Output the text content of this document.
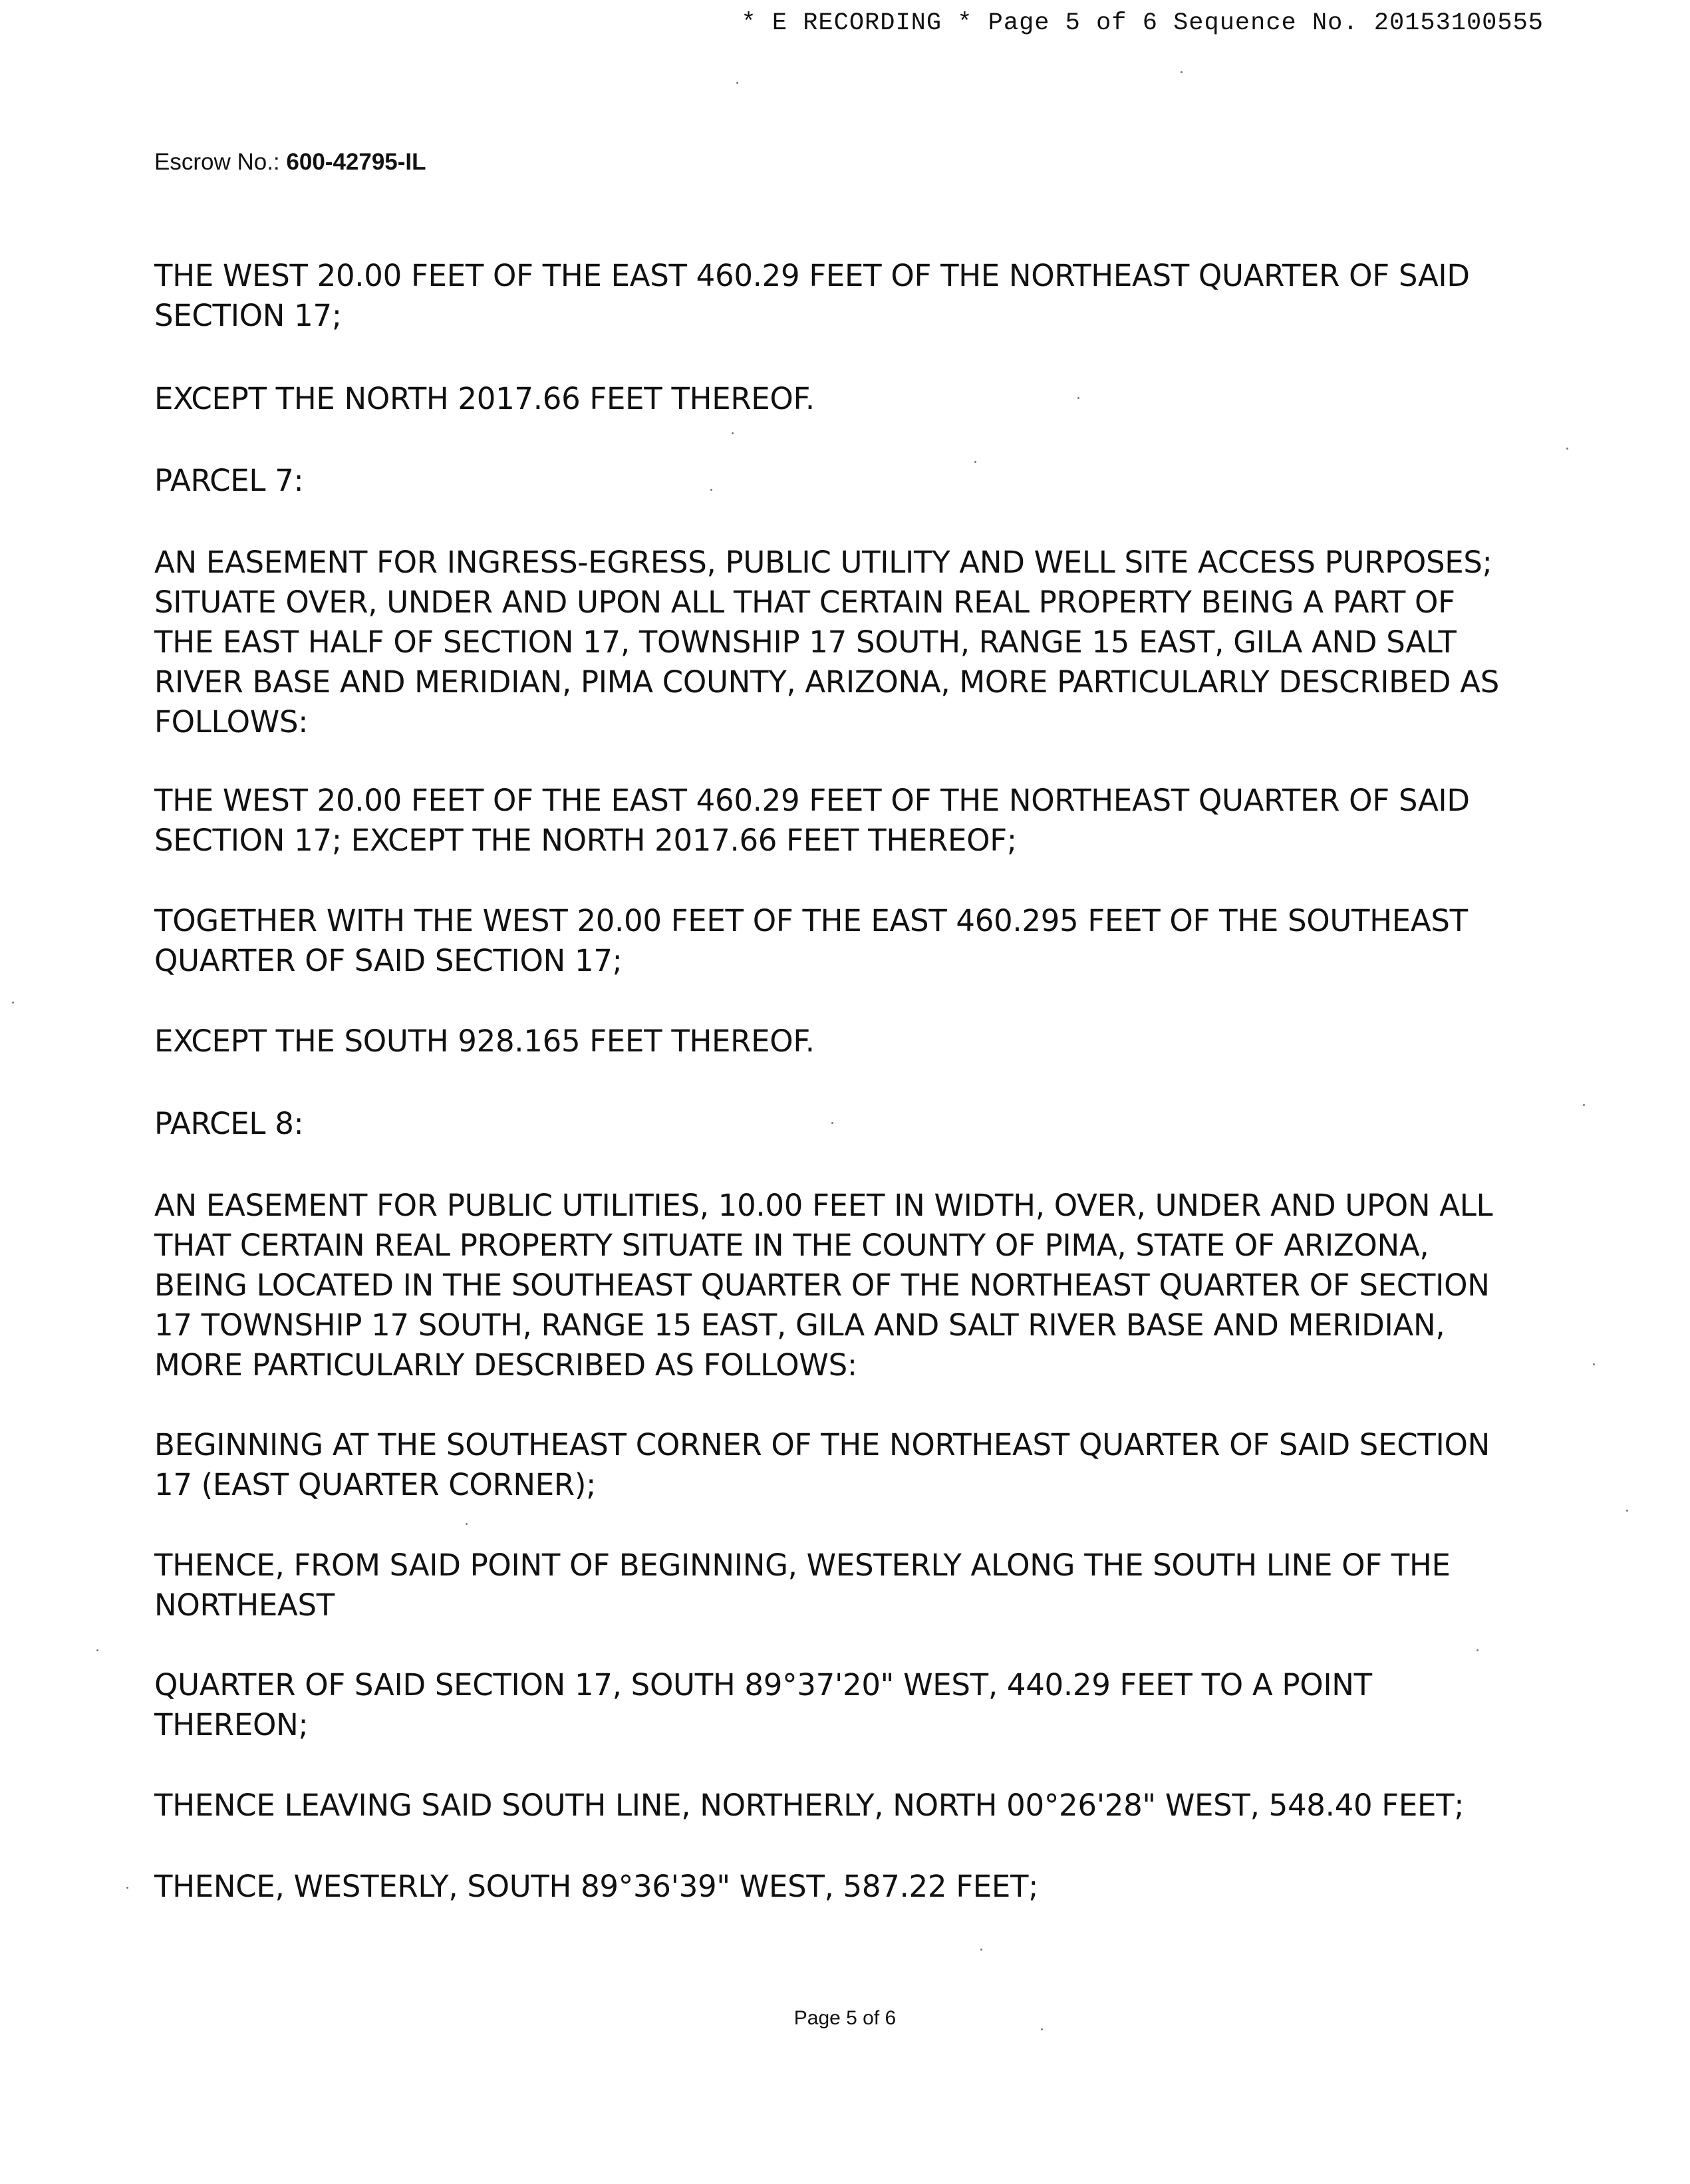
* E RECORDING * Page 5 of 6 Sequence No. 20153100555
Escrow No.: 600-42795-IL
THE WEST 20.00 FEET OF THE EAST 460.29 FEET OF THE NORTHEAST QUARTER OF SAID
SECTION 17;
EXCEPT THE NORTH 2017.66 FEET THEREOF.
PARCEL 7:
AN EASEMENT FOR INGRESS-EGRESS, PUBLIC UTILITY AND WELL SITE ACCESS PURPOSES;
SITUATE OVER, UNDER AND UPON ALL THAT CERTAIN REAL PROPERTY BEING A PART OF
THE EAST HALF OF SECTION 17, TOWNSHIP 17 SOUTH, RANGE 15 EAST, GILA AND SALT
RIVER BASE AND MERIDIAN, PIMA COUNTY, ARIZONA, MORE PARTICULARLY DESCRIBED AS
FOLLOWS:
THE WEST 20.00 FEET OF THE EAST 460.29 FEET OF THE NORTHEAST QUARTER OF SAID
SECTION 17; EXCEPT THE NORTH 2017.66 FEET THEREOF;
TOGETHER WITH THE WEST 20.00 FEET OF THE EAST 460.295 FEET OF THE SOUTHEAST
QUARTER OF SAID SECTION 17;
EXCEPT THE SOUTH 928.165 FEET THEREOF.
PARCEL 8:
AN EASEMENT FOR PUBLIC UTILITIES, 10.00 FEET IN WIDTH, OVER, UNDER AND UPON ALL
THAT CERTAIN REAL PROPERTY SITUATE IN THE COUNTY OF PIMA, STATE OF ARIZONA,
BEING LOCATED IN THE SOUTHEAST QUARTER OF THE NORTHEAST QUARTER OF SECTION
17 TOWNSHIP 17 SOUTH, RANGE 15 EAST, GILA AND SALT RIVER BASE AND MERIDIAN,
MORE PARTICULARLY DESCRIBED AS FOLLOWS:
BEGINNING AT THE SOUTHEAST CORNER OF THE NORTHEAST QUARTER OF SAID SECTION
17 (EAST QUARTER CORNER);
THENCE, FROM SAID POINT OF BEGINNING, WESTERLY ALONG THE SOUTH LINE OF THE
NORTHEAST
QUARTER OF SAID SECTION 17, SOUTH 89°37'20" WEST, 440.29 FEET TO A POINT
THEREON;
THENCE LEAVING SAID SOUTH LINE, NORTHERLY, NORTH 00°26'28" WEST, 548.40 FEET;
THENCE, WESTERLY, SOUTH 89°36'39" WEST, 587.22 FEET;
Page 5 of 6
